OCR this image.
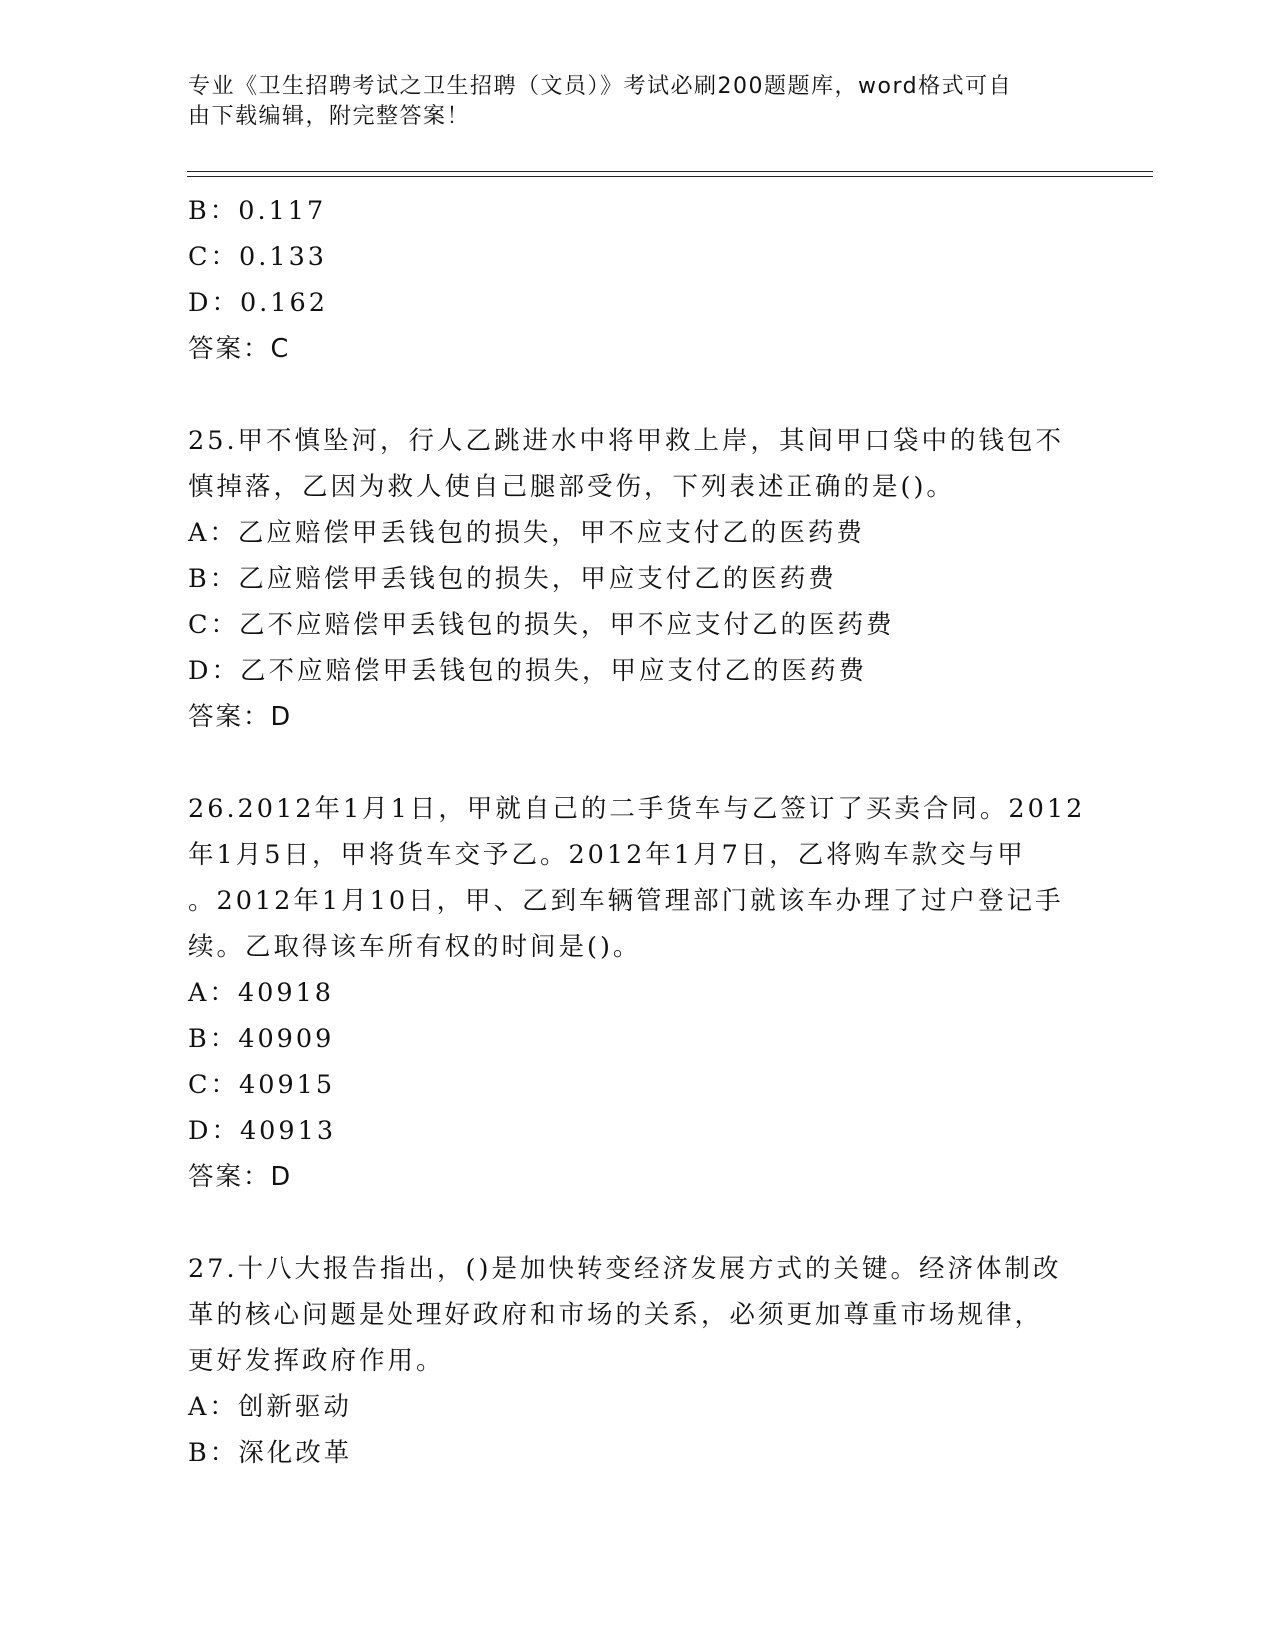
专业《卫生招聘考试之卫生招聘（文员）》考试必刷200题题库，word格式可自
由下载编辑，附完整答案！
B：0.117
C：0.133
D：0.162
答案：C
25.甲不慎坠河，行人乙跳进水中将甲救上岸，其间甲口袋中的钱包不
慎掉落，乙因为救人使自己腿部受伤，下列表述正确的是()。
A：乙应赔偿甲丢钱包的损失，甲不应支付乙的医药费
B：乙应赔偿甲丢钱包的损失，甲应支付乙的医药费
C：乙不应赔偿甲丢钱包的损失，甲不应支付乙的医药费
D：乙不应赔偿甲丢钱包的损失，甲应支付乙的医药费
答案：D
26.2012年1月1日，甲就自己的二手货车与乙签订了买卖合同。2012
年1月5日，甲将货车交予乙。2012年1月7日，乙将购车款交与甲
。2012年1月10日，甲、乙到车辆管理部门就该车办理了过户登记手
续。乙取得该车所有权的时间是()。
A：40918
B：40909
C：40915
D：40913
答案：D
27.十八大报告指出，()是加快转变经济发展方式的关键。经济体制改
革的核心问题是处理好政府和市场的关系，必须更加尊重市场规律，
更好发挥政府作用。
A：创新驱动
B：深化改革
